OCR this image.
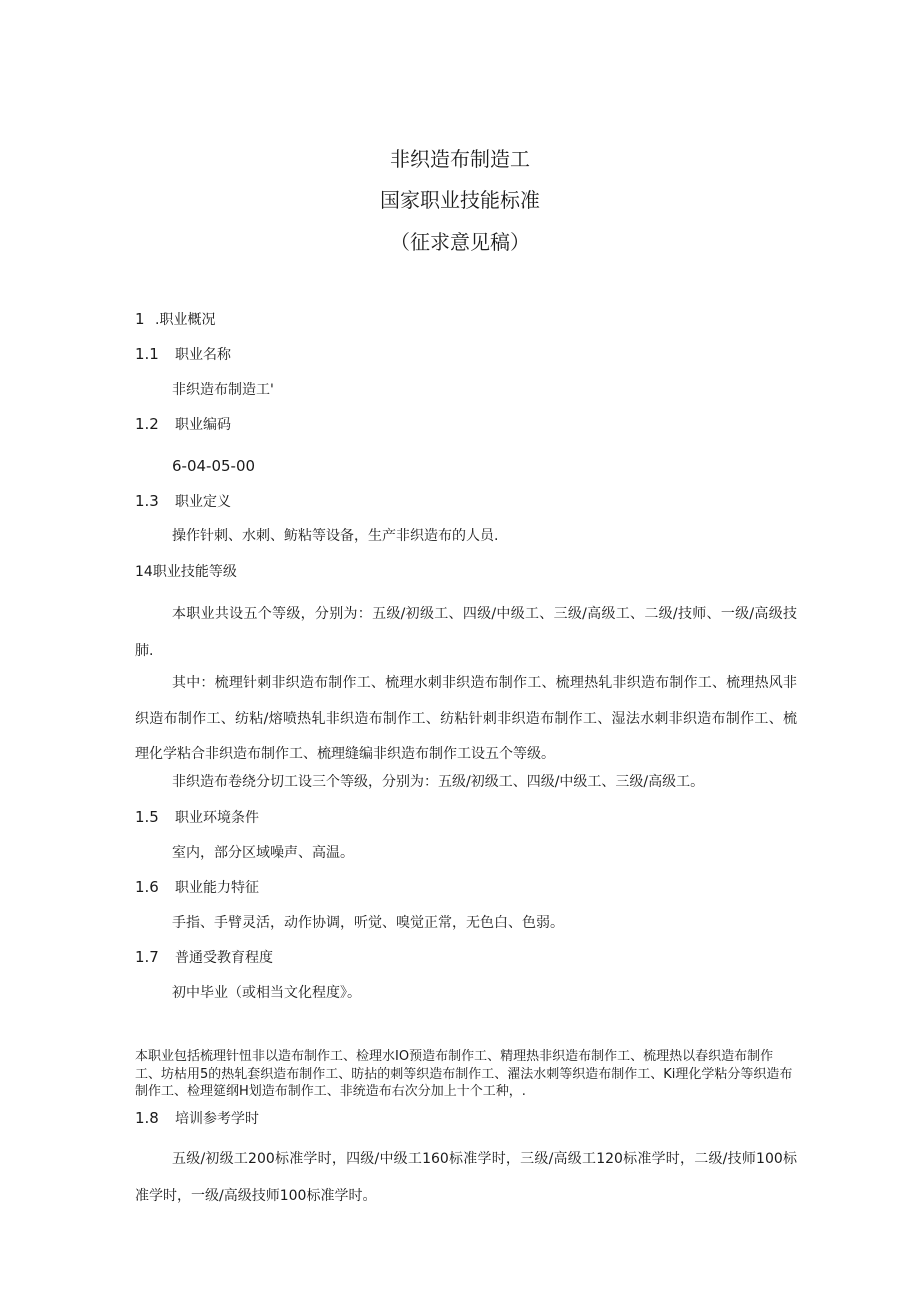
非织造布制造工
国家职业技能标准
（征求意见稿）
1 .职业概况
1.1 职业名称
非织造布制造工'
1.2 职业编码
6-04-05-00
1.3 职业定义
操作针刺、水刺、鲂粘等设备，生产非织造布的人员.
14职业技能等级
本职业共设五个等级，分别为：五级/初级工、四级/中级工、三级/高级工、二级/技师、一级/高级技肺.
其中：梳理针刺非织造布制作工、梳理水刺非织造布制作工、梳理热轧非织造布制作工、梳理热风非织造布制作工、纺粘/熔喷热轧非织造布制作工、纺粘针刺非织造布制作工、湿法水刺非织造布制作工、梳理化学粘合非织造布制作工、梳理缝编非织造布制作工设五个等级。
非织造布卷绕分切工设三个等级，分别为：五级/初级工、四级/中级工、三级/高级工。
1.5 职业环境条件
室内，部分区域噪声、高温。
1.6 职业能力特征
手指、手臂灵活，动作协调，听觉、嗅觉正常，无色白、色弱。
1.7 普通受教育程度
初中毕业（或相当文化程度》。
本职业包括梳理针忸非以造布制作工、检理水IO预造布制作工、精理热非织造布制作工、梳理热以春织造布制作工、坊枯用5的热轧套织造布制作工、昉拈的刺等织造布制作工、濯法水刺等织造布制作工、Ki理化学粘分等织造布制作工、检理筵纲H划造布制作工、非统造布右次分加上十个工种，.
1.8 培训参考学时
五级/初级工200标准学时，四级/中级工160标准学时，三级/高级工120标准学时，二级/技师100标准学时，一级/高级技师100标准学时。
